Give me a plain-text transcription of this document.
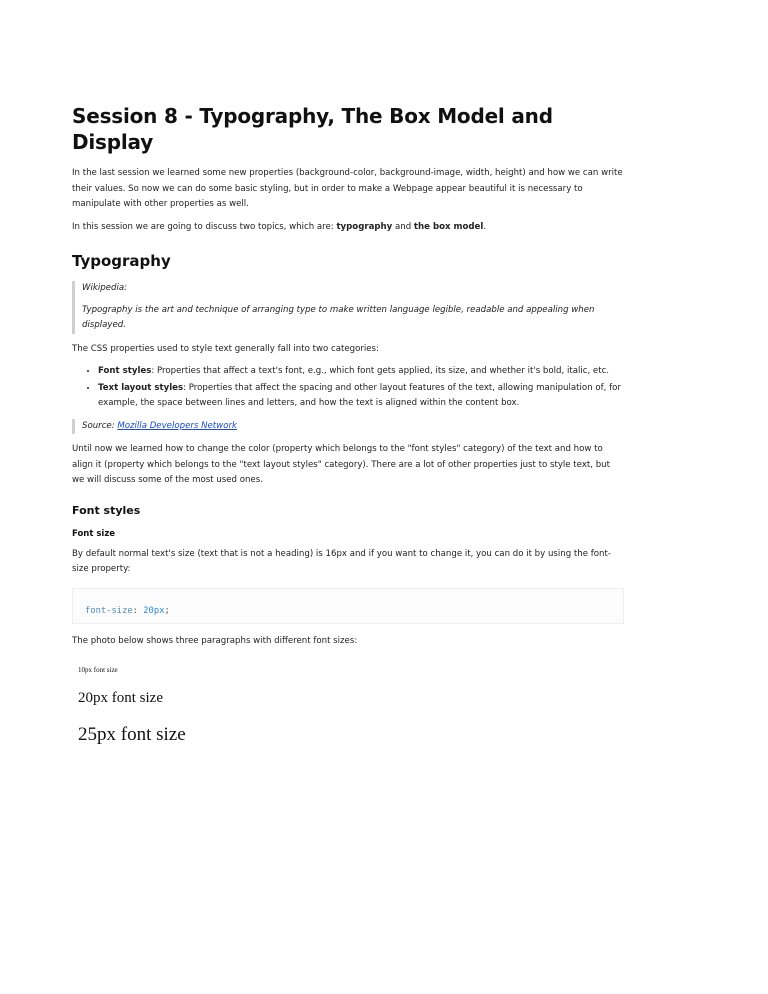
Session 8 - Typography, The Box Model and Display

In the last session we learned some new properties (background-color, background-image, width, height) and how we can write their values. So now we can do some basic styling, but in order to make a Webpage appear beautiful it is necessary to manipulate with other properties as well.

In this session we are going to discuss two topics, which are: typography and the box model.

Typography

Wikipedia:

Typography is the art and technique of arranging type to make written language legible, readable and appealing when displayed.

The CSS properties used to style text generally fall into two categories:

• Font styles: Properties that affect a text's font, e.g., which font gets applied, its size, and whether it's bold, italic, etc.
• Text layout styles: Properties that affect the spacing and other layout features of the text, allowing manipulation of, for example, the space between lines and letters, and how the text is aligned within the content box.

Source: Mozilla Developers Network

Until now we learned how to change the color (property which belongs to the "font styles" category) of the text and how to align it (property which belongs to the "text layout styles" category). There are a lot of other properties just to style text, but we will discuss some of the most used ones.

Font styles
Font size

By default normal text's size (text that is not a heading) is 16px and if you want to change it, you can do it by using the font-size property:

font-size: 20px;

The photo below shows three paragraphs with different font sizes:

10px font size
20px font size
25px font size
